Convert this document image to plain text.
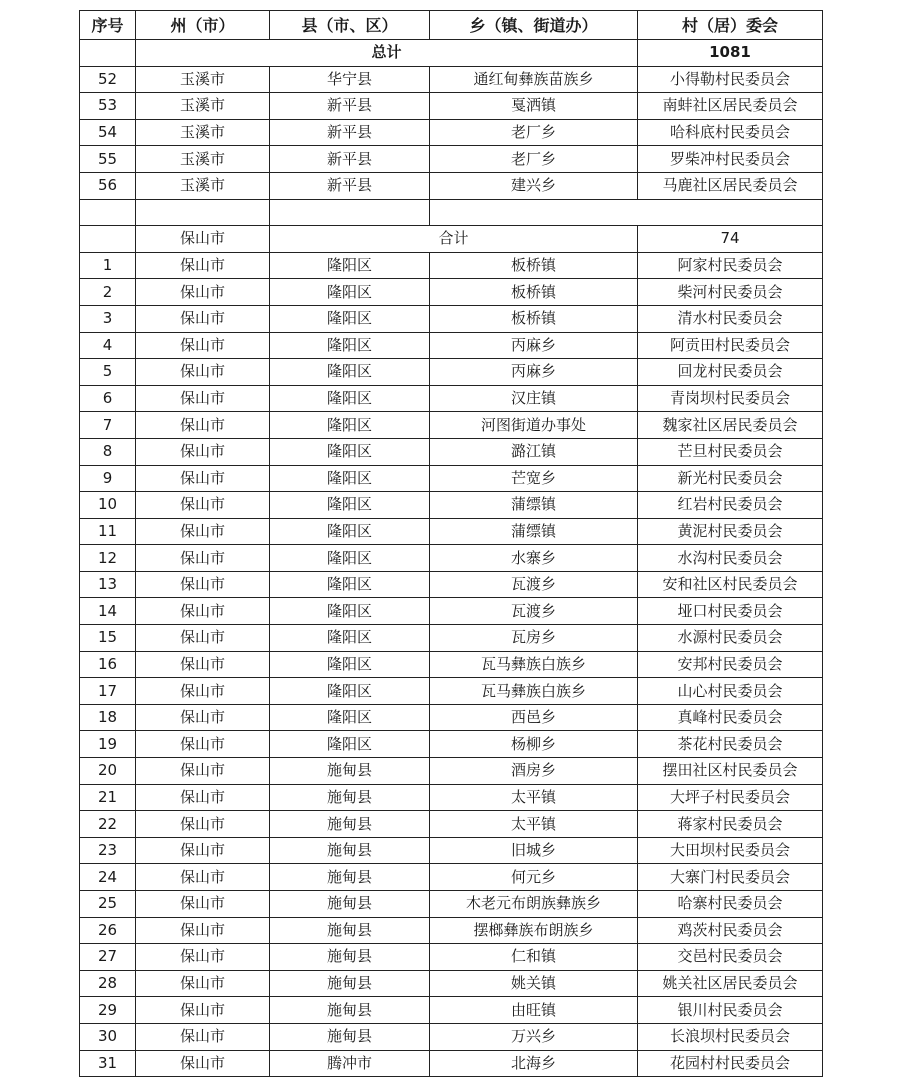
序号	州（市）	县（市、区）	乡（镇、街道办）	村（居）委会
	总计			1081
52	玉溪市	华宁县	通红甸彝族苗族乡	小得勒村民委员会
53	玉溪市	新平县	戛洒镇	南蚌社区居民委员会
54	玉溪市	新平县	老厂乡	哈科底村民委员会
55	玉溪市	新平县	老厂乡	罗柴冲村民委员会
56	玉溪市	新平县	建兴乡	马鹿社区居民委员会

	保山市	合计		74
1	保山市	隆阳区	板桥镇	阿家村民委员会
2	保山市	隆阳区	板桥镇	柴河村民委员会
3	保山市	隆阳区	板桥镇	清水村民委员会
4	保山市	隆阳区	丙麻乡	阿贡田村民委员会
5	保山市	隆阳区	丙麻乡	回龙村民委员会
6	保山市	隆阳区	汉庄镇	青岗坝村民委员会
7	保山市	隆阳区	河图街道办事处	魏家社区居民委员会
8	保山市	隆阳区	潞江镇	芒旦村民委员会
9	保山市	隆阳区	芒宽乡	新光村民委员会
10	保山市	隆阳区	蒲缥镇	红岩村民委员会
11	保山市	隆阳区	蒲缥镇	黄泥村民委员会
12	保山市	隆阳区	水寨乡	水沟村民委员会
13	保山市	隆阳区	瓦渡乡	安和社区村民委员会
14	保山市	隆阳区	瓦渡乡	垭口村民委员会
15	保山市	隆阳区	瓦房乡	水源村民委员会
16	保山市	隆阳区	瓦马彝族白族乡	安邦村民委员会
17	保山市	隆阳区	瓦马彝族白族乡	山心村民委员会
18	保山市	隆阳区	西邑乡	真峰村民委员会
19	保山市	隆阳区	杨柳乡	茶花村民委员会
20	保山市	施甸县	酒房乡	摆田社区村民委员会
21	保山市	施甸县	太平镇	大坪子村民委员会
22	保山市	施甸县	太平镇	蒋家村民委员会
23	保山市	施甸县	旧城乡	大田坝村民委员会
24	保山市	施甸县	何元乡	大寨门村民委员会
25	保山市	施甸县	木老元布朗族彝族乡	哈寨村民委员会
26	保山市	施甸县	摆榔彝族布朗族乡	鸡茨村民委员会
27	保山市	施甸县	仁和镇	交邑村民委员会
28	保山市	施甸县	姚关镇	姚关社区居民委员会
29	保山市	施甸县	由旺镇	银川村民委员会
30	保山市	施甸县	万兴乡	长浪坝村民委员会
31	保山市	腾冲市	北海乡	花园村村民委员会
